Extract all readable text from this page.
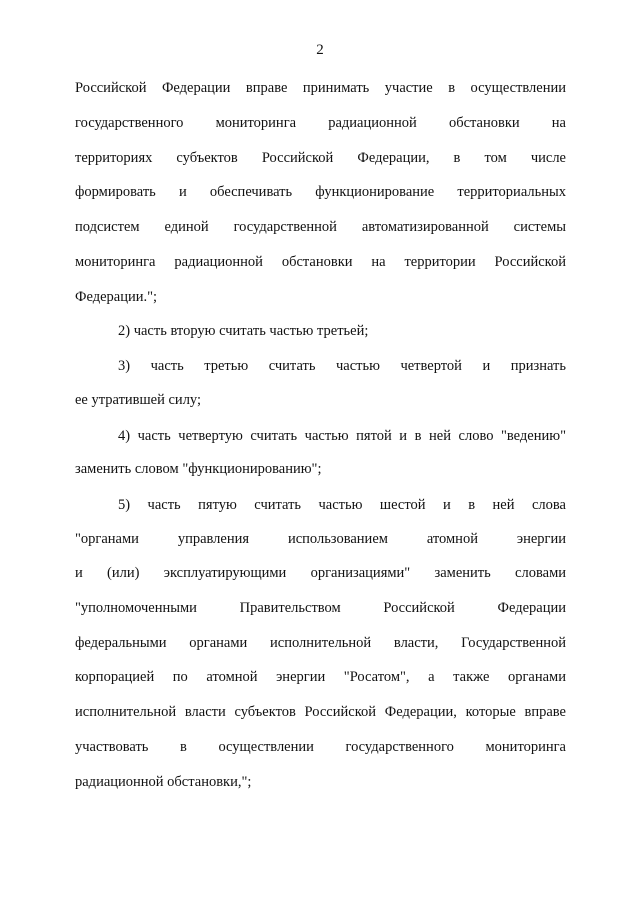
2
Российской Федерации вправе принимать участие в осуществлении
государственного мониторинга радиационной обстановки на
территориях субъектов Российской Федерации, в том числе
формировать и обеспечивать функционирование территориальных
подсистем единой государственной автоматизированной системы
мониторинга радиационной обстановки на территории Российской
Федерации.";
2) часть вторую считать частью третьей;
3) часть третью считать частью четвертой и признать
ее утратившей силу;
4) часть четвертую считать частью пятой и в ней слово "ведению"
заменить словом "функционированию";
5) часть пятую считать частью шестой и в ней слова
"органами управления использованием атомной энергии
и (или) эксплуатирующими организациями" заменить словами
"уполномоченными Правительством Российской Федерации
федеральными органами исполнительной власти, Государственной
корпорацией по атомной энергии "Росатом", а также органами
исполнительной власти субъектов Российской Федерации, которые вправе
участвовать в осуществлении государственного мониторинга
радиационной обстановки,";
